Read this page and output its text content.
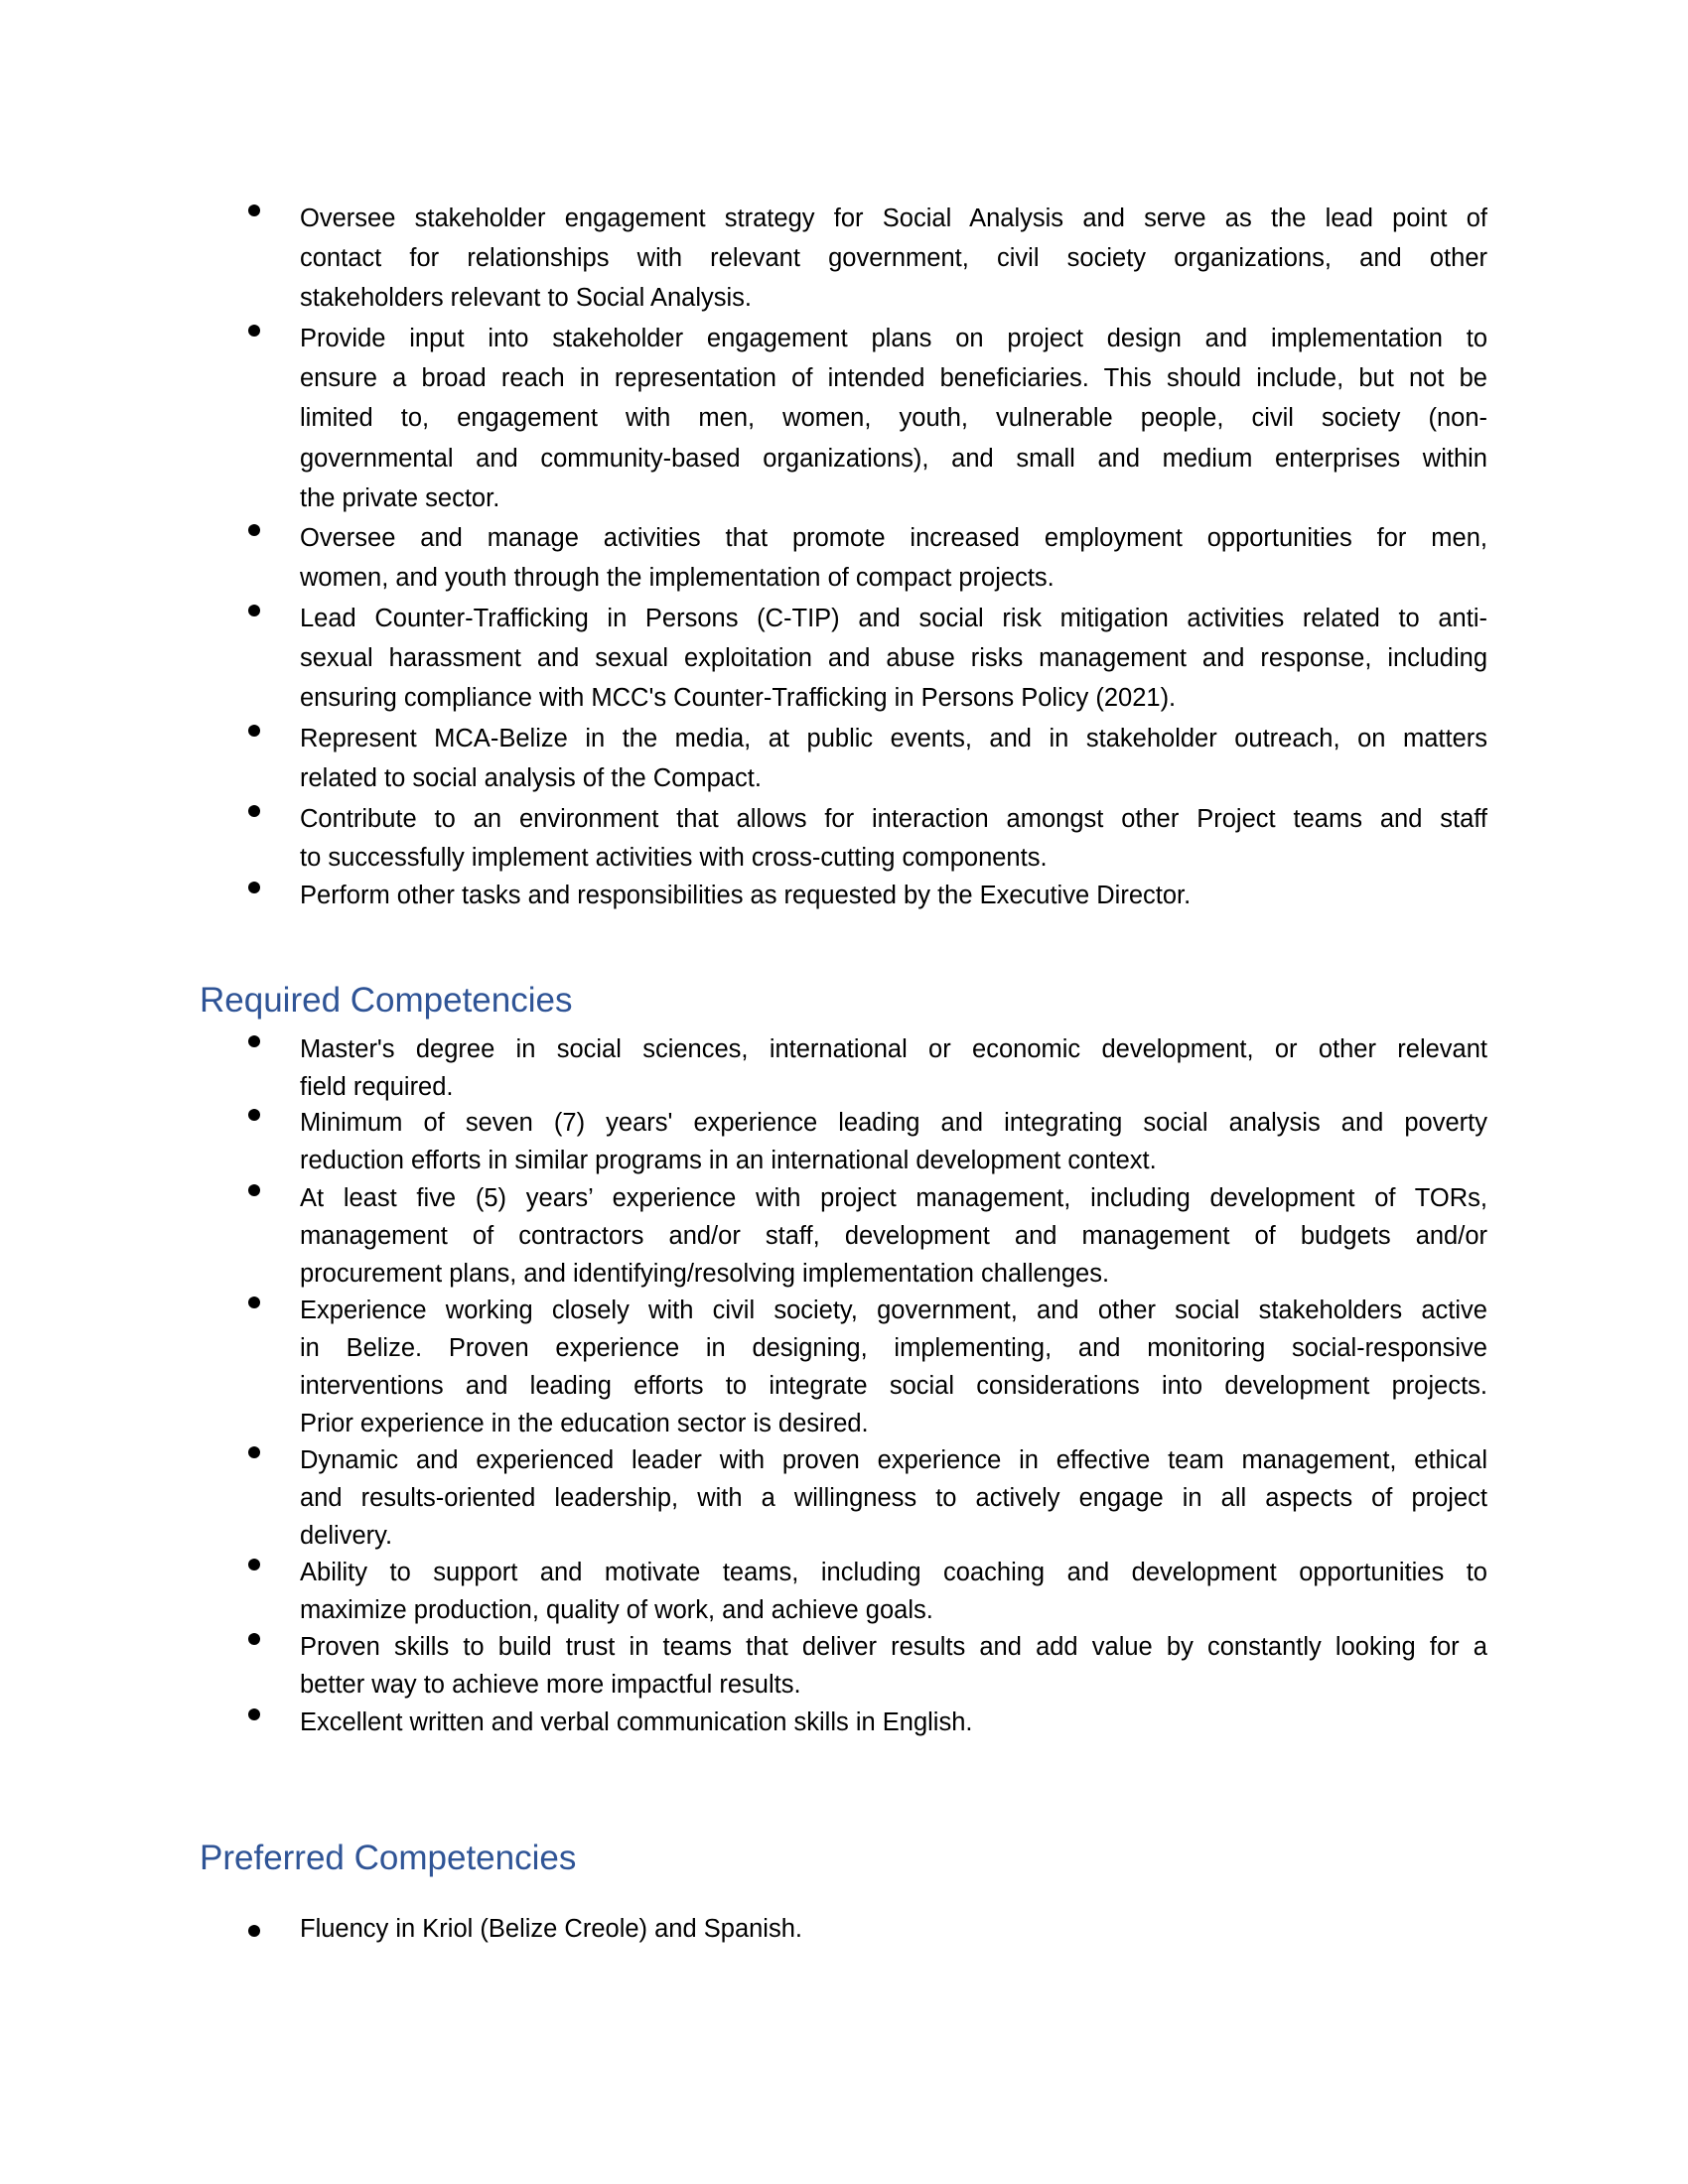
Oversee stakeholder engagement strategy for Social Analysis and serve as the lead point of
contact for relationships with relevant government, civil society organizations, and other
stakeholders relevant to Social Analysis.
Provide input into stakeholder engagement plans on project design and implementation to
ensure a broad reach in representation of intended beneficiaries. This should include, but not be
limited to, engagement with men, women, youth, vulnerable people, civil society (non-
governmental and community-based organizations), and small and medium enterprises within
the private sector.
Oversee and manage activities that promote increased employment opportunities for men,
women, and youth through the implementation of compact projects.
Lead Counter-Trafficking in Persons (C-TIP) and social risk mitigation activities related to anti-
sexual harassment and sexual exploitation and abuse risks management and response, including
ensuring compliance with MCC's Counter-Trafficking in Persons Policy (2021).
Represent MCA-Belize in the media, at public events, and in stakeholder outreach, on matters
related to social analysis of the Compact.
Contribute to an environment that allows for interaction amongst other Project teams and staff
to successfully implement activities with cross-cutting components.
Perform other tasks and responsibilities as requested by the Executive Director.
Required Competencies
Master's degree in social sciences, international or economic development, or other relevant
field required.
Minimum of seven (7) years' experience leading and integrating social analysis and poverty
reduction efforts in similar programs in an international development context.
At least five (5) years’ experience with project management, including development of TORs,
management of contractors and/or staff, development and management of budgets and/or
procurement plans, and identifying/resolving implementation challenges.
Experience working closely with civil society, government, and other social stakeholders active
in Belize. Proven experience in designing, implementing, and monitoring social-responsive
interventions and leading efforts to integrate social considerations into development projects.
Prior experience in the education sector is desired.
Dynamic and experienced leader with proven experience in effective team management, ethical
and results-oriented leadership, with a willingness to actively engage in all aspects of project
delivery.
Ability to support and motivate teams, including coaching and development opportunities to
maximize production, quality of work, and achieve goals.
Proven skills to build trust in teams that deliver results and add value by constantly looking for a
better way to achieve more impactful results.
Excellent written and verbal communication skills in English.
Preferred Competencies
Fluency in Kriol (Belize Creole) and Spanish.
